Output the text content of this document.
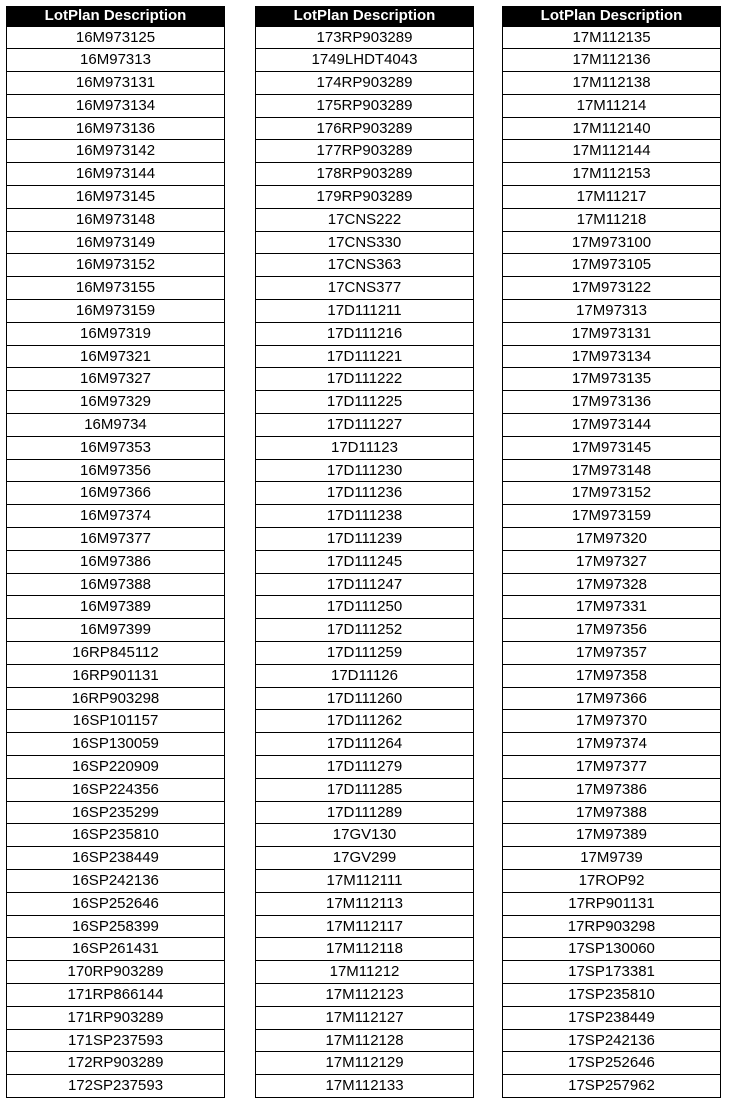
LotPlan Description
16M973125
16M97313
16M973131
16M973134
16M973136
16M973142
16M973144
16M973145
16M973148
16M973149
16M973152
16M973155
16M973159
16M97319
16M97321
16M97327
16M97329
16M9734
16M97353
16M97356
16M97366
16M97374
16M97377
16M97386
16M97388
16M97389
16M97399
16RP845112
16RP901131
16RP903298
16SP101157
16SP130059
16SP220909
16SP224356
16SP235299
16SP235810
16SP238449
16SP242136
16SP252646
16SP258399
16SP261431
170RP903289
171RP866144
171RP903289
171SP237593
172RP903289
172SP237593
LotPlan Description
173RP903289
1749LHDT4043
174RP903289
175RP903289
176RP903289
177RP903289
178RP903289
179RP903289
17CNS222
17CNS330
17CNS363
17CNS377
17D111211
17D111216
17D111221
17D111222
17D111225
17D111227
17D11123
17D111230
17D111236
17D111238
17D111239
17D111245
17D111247
17D111250
17D111252
17D111259
17D11126
17D111260
17D111262
17D111264
17D111279
17D111285
17D111289
17GV130
17GV299
17M112111
17M112113
17M112117
17M112118
17M11212
17M112123
17M112127
17M112128
17M112129
17M112133
LotPlan Description
17M112135
17M112136
17M112138
17M11214
17M112140
17M112144
17M112153
17M11217
17M11218
17M973100
17M973105
17M973122
17M97313
17M973131
17M973134
17M973135
17M973136
17M973144
17M973145
17M973148
17M973152
17M973159
17M97320
17M97327
17M97328
17M97331
17M97356
17M97357
17M97358
17M97366
17M97370
17M97374
17M97377
17M97386
17M97388
17M97389
17M9739
17ROP92
17RP901131
17RP903298
17SP130060
17SP173381
17SP235810
17SP238449
17SP242136
17SP252646
17SP257962
